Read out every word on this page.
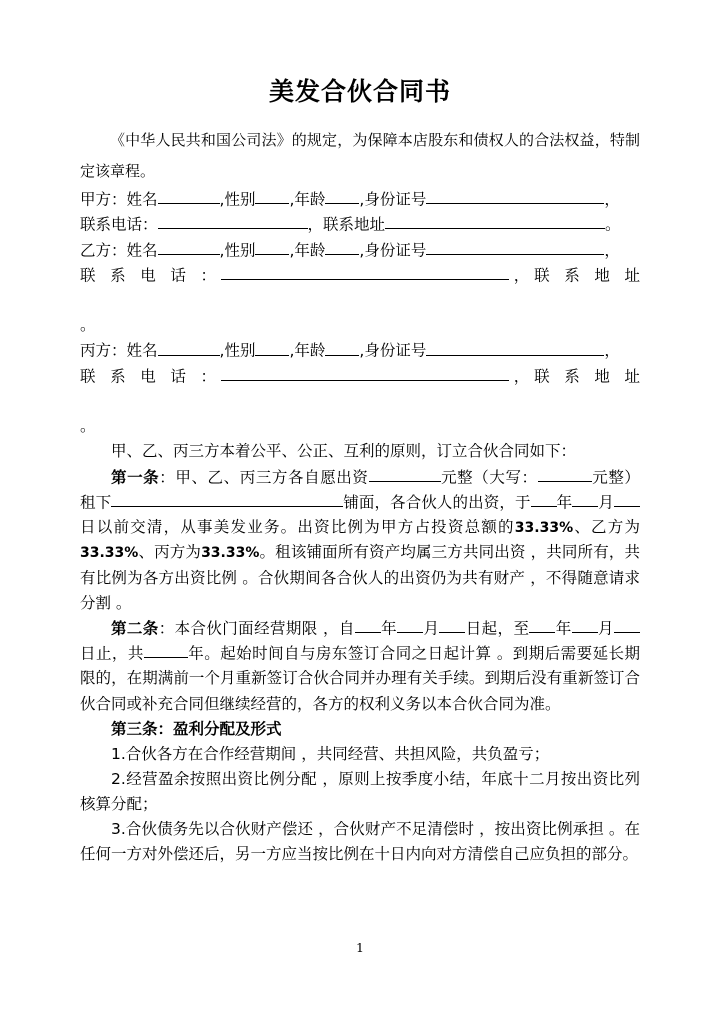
美发合伙合同书

《中华人民共和国公司法》的规定，为保障本店股东和债权人的合法权益，特制定该章程。

甲方：姓名	,性别 ,年龄 ,身份证号	，
联系电话：	，联系地址	。
乙方：姓名	,性别 ,年龄 ,身份证号	，
联 系 电 话 ：	，联 系 地 址
。
丙方：姓名	,性别 ,年龄 ,身份证号	，
联 系 电 话 ：	，联 系 地 址
。
甲、乙、丙三方本着公平、公正、互利的原则，订立合伙合同如下：
第一条：甲、乙、丙三方各自愿出资	元整（大写：	元整）租下	铺面，各合伙人的出资，于 年 月日以前交清，从事美发业务。出资比例为甲方占投资总额的33.33%、乙方为33.33%、丙方为33.33%。租该铺面所有资产均属三方共同出资 ，共同所有，共有比例为各方出资比例 。合伙期间各合伙人的出资仍为共有财产 ，不得随意请求分割 。
第二条：本合伙门面经营期限 ，自 年 月 日起，至 年 月日止，共	年。起始时间自与房东签订合同之日起计算 。到期后需要延长期限的，在期满前一个月重新签订合伙合同并办理有关手续。到期后没有重新签订合伙合同或补充合同但继续经营的，各方的权利义务以本合伙合同为准。
第三条：盈利分配及形式
1.合伙各方在合作经营期间 ，共同经营、共担风险，共负盈亏；
2.经营盈余按照出资比例分配 ，原则上按季度小结，年底十二月按出资比列核算分配；
3.合伙债务先以合伙财产偿还 ，合伙财产不足清偿时 ，按出资比例承担 。在任何一方对外偿还后，另一方应当按比例在十日内向对方清偿自己应负担的部分。
1
